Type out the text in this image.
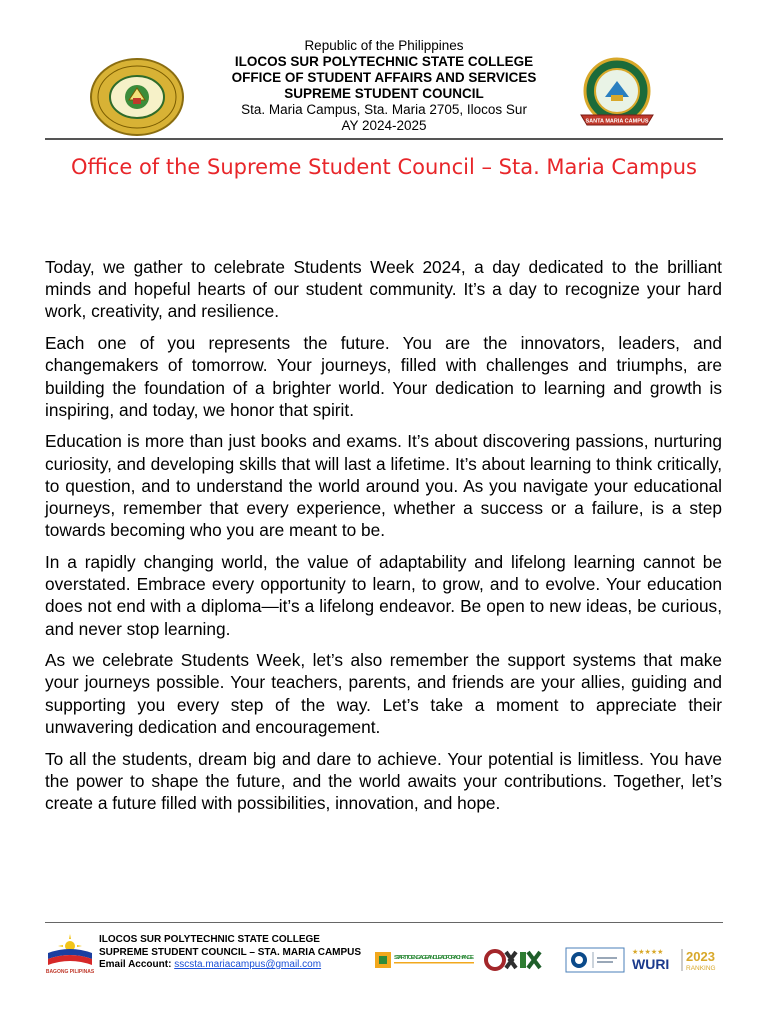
Republic of the Philippines
ILOCOS SUR POLYTECHNIC STATE COLLEGE
OFFICE OF STUDENT AFFAIRS AND SERVICES
SUPREME STUDENT COUNCIL
Sta. Maria Campus, Sta. Maria 2705, Ilocos Sur
AY 2024-2025	SANTA MARIA CAMPUS
Office of the Supreme Student Council – Sta. Maria Campus

Today, we gather to celebrate Students Week 2024, a day dedicated to the brilliant minds and hopeful hearts of our student community. It’s a day to recognize your hard work, creativity, and resilience.

Each one of you represents the future. You are the innovators, leaders, and changemakers of tomorrow. Your journeys, filled with challenges and triumphs, are building the foundation of a brighter world. Your dedication to learning and growth is inspiring, and today, we honor that spirit.

Education is more than just books and exams. It’s about discovering passions, nurturing curiosity, and developing skills that will last a lifetime. It’s about learning to think critically, to question, and to understand the world around you. As you navigate your educational journeys, remember that every experience, whether a success or a failure, is a step towards becoming who you are meant to be.

In a rapidly changing world, the value of adaptability and lifelong learning cannot be overstated. Embrace every opportunity to learn, to grow, and to evolve. Your education does not end with a diploma—it’s a lifelong endeavor. Be open to new ideas, be curious, and never stop learning.

As we celebrate Students Week, let’s also remember the support systems that make your journeys possible. Your teachers, parents, and friends are your allies, guiding and supporting you every step of the way. Let’s take a moment to appreciate their unwavering dedication and encouragement.

To all the students, dream big and dare to achieve. Your potential is limitless. You have the power to shape the future, and the world awaits your contributions. Together, let’s create a future filled with possibilities, innovation, and hope.

BAGONG PILIPINAS
ILOCOS SUR POLYTECHNIC STATE COLLEGE
SUPREME STUDENT COUNCIL – STA. MARIA CAMPUS
Email Account: sscsta.mariacampus@gmail.com
START TO ENGAGE AND LEAD FOR A CHANGE
★★★★★
WURI 2023
RANKING
